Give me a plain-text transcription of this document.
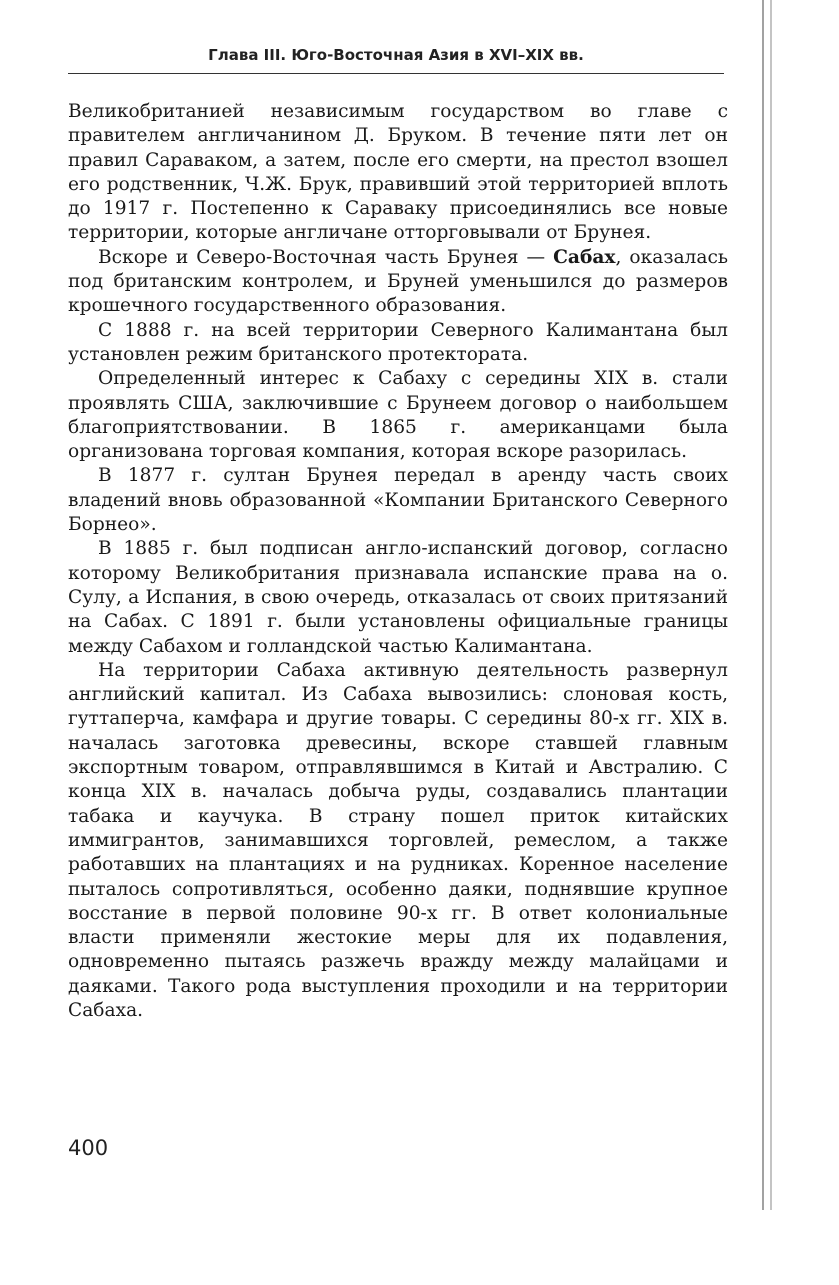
Глава III. Юго-Восточная Азия в XVI–XIX вв.

Великобританией независимым государством во главе с правителем англичанином Д. Бруком. В течение пяти лет он правил Сараваком, а затем, после его смерти, на престол взошел его родственник, Ч.Ж. Брук, правивший этой территорией вплоть до 1917 г. Постепенно к Сараваку присоединялись все новые территории, которые англичане отторговывали от Брунея.

Вскоре и Северо-Восточная часть Брунея — Сабах, оказалась под британским контролем, и Бруней уменьшился до размеров крошечного государственного образования.

С 1888 г. на всей территории Северного Калимантана был установлен режим британского протектората.

Определенный интерес к Сабаху с середины XIX в. стали проявлять США, заключившие с Брунеем договор о наибольшем благоприятствовании. В 1865 г. американцами была организована торговая компания, которая вскоре разорилась.

В 1877 г. султан Брунея передал в аренду часть своих владений вновь образованной «Компании Британского Северного Борнео».

В 1885 г. был подписан англо-испанский договор, согласно которому Великобритания признавала испанские права на о. Сулу, а Испания, в свою очередь, отказалась от своих притязаний на Сабах. С 1891 г. были установлены официальные границы между Сабахом и голландской частью Калимантана.

На территории Сабаха активную деятельность развернул английский капитал. Из Сабаха вывозились: слоновая кость, гуттаперча, камфара и другие товары. С середины 80-х гг. XIX в. началась заготовка древесины, вскоре ставшей главным экспортным товаром, отправлявшимся в Китай и Австралию. С конца XIX в. началась добыча руды, создавались плантации табака и каучука. В страну пошел приток китайских иммигрантов, занимавшихся торговлей, ремеслом, а также работавших на плантациях и на рудниках. Коренное население пыталось сопротивляться, особенно даяки, поднявшие крупное восстание в первой половине 90-х гг. В ответ колониальные власти применяли жестокие меры для их подавления, одновременно пытаясь разжечь вражду между малайцами и даяками. Такого рода выступления проходили и на территории Сабаха.

400
